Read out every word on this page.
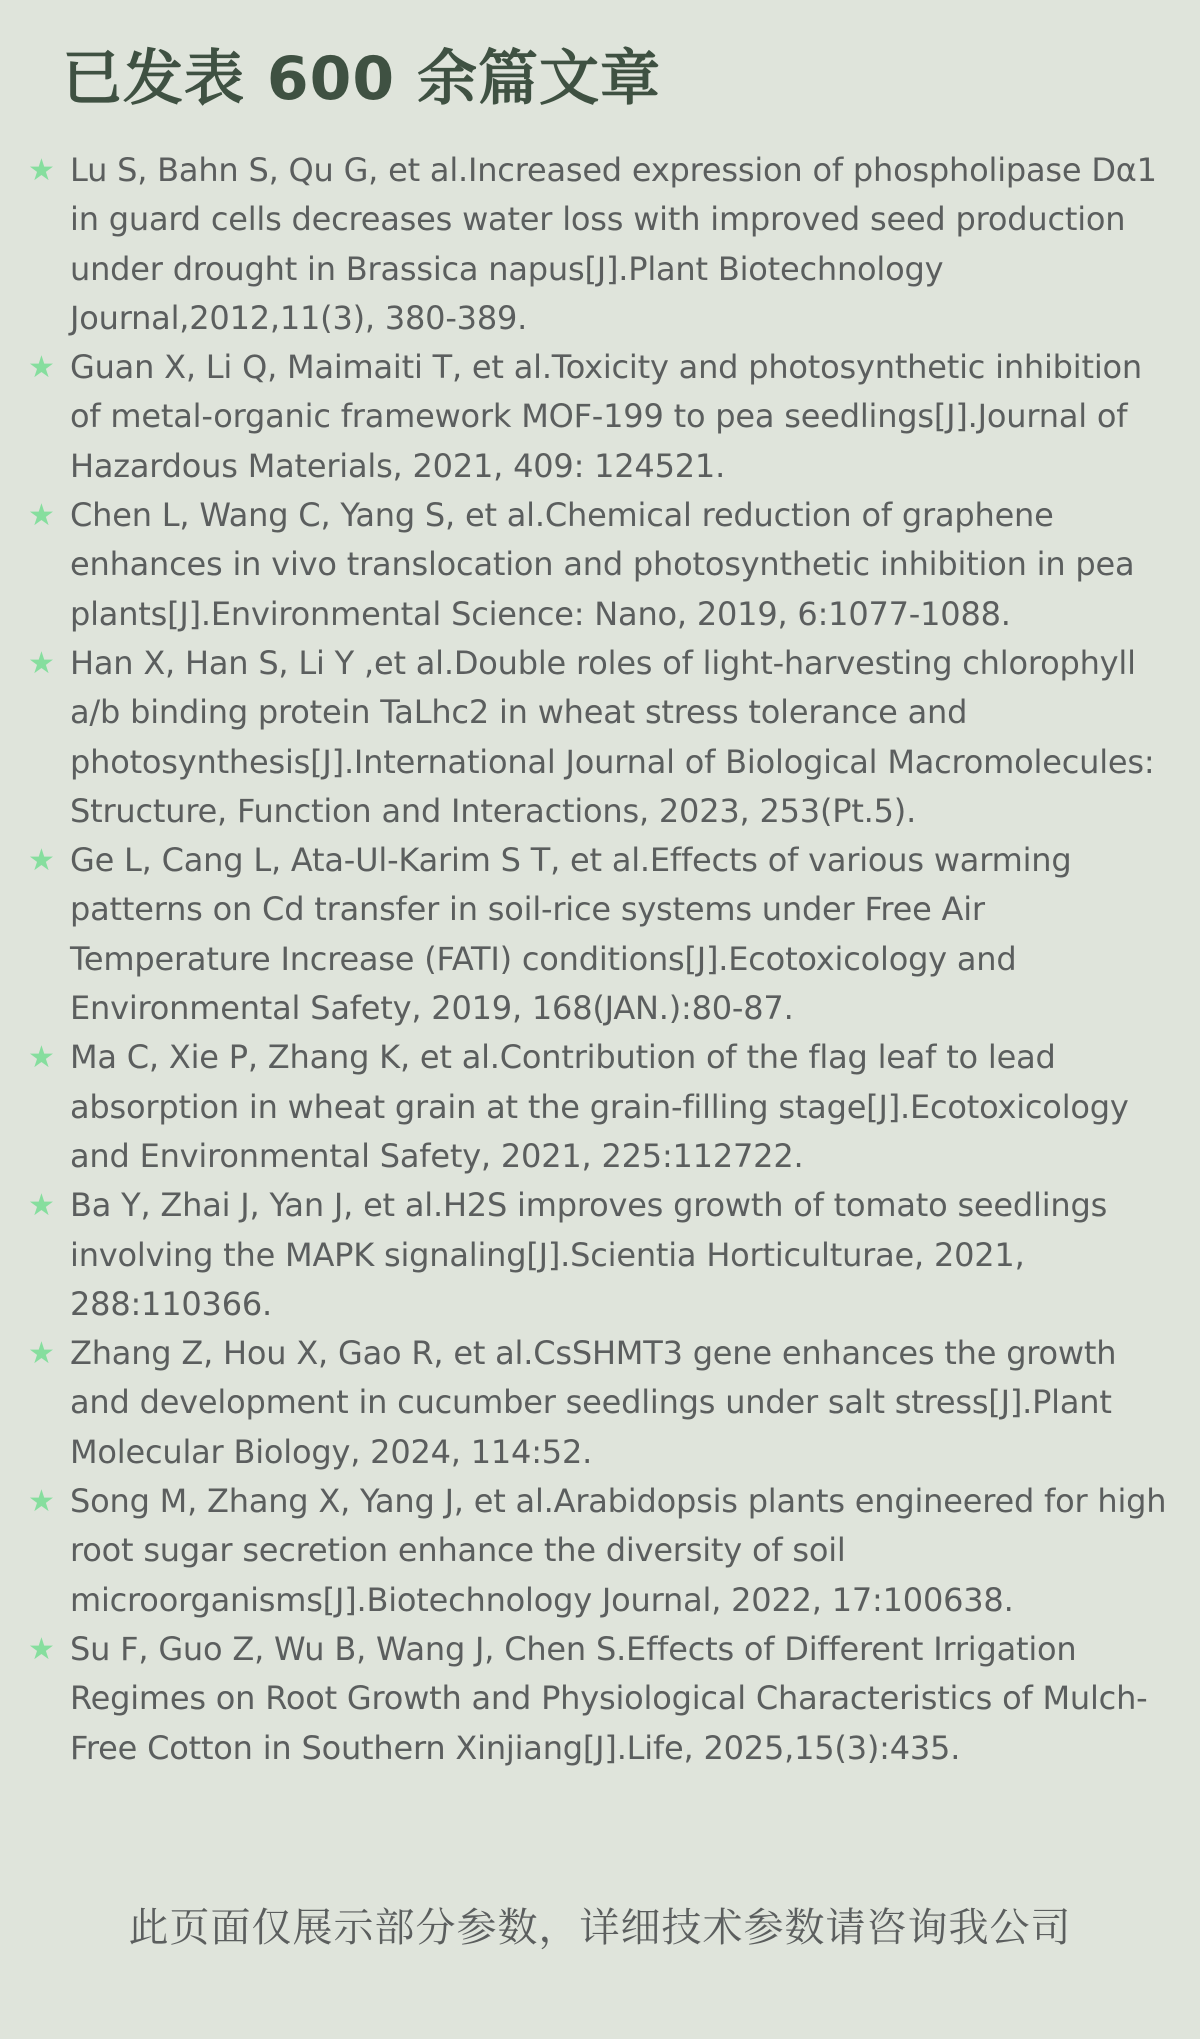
已发表 600 余篇文章
★ Lu S, Bahn S, Qu G, et al.Increased expression of phospholipase Dα1 in guard cells decreases water loss with improved seed production under drought in Brassica napus[J].Plant Biotechnology Journal,2012,11(3), 380-389.
★ Guan X, Li Q, Maimaiti T, et al.Toxicity and photosynthetic inhibition of metal-organic framework MOF-199 to pea seedlings[J].Journal of Hazardous Materials, 2021, 409: 124521.
★ Chen L, Wang C, Yang S, et al.Chemical reduction of graphene enhances in vivo translocation and photosynthetic inhibition in pea plants[J].Environmental Science: Nano, 2019, 6:1077-1088.
★ Han X, Han S, Li Y ,et al.Double roles of light-harvesting chlorophyll a/b binding protein TaLhc2 in wheat stress tolerance and photosynthesis[J].International Journal of Biological Macromolecules: Structure, Function and Interactions, 2023, 253(Pt.5).
★ Ge L, Cang L, Ata-Ul-Karim S T, et al.Effects of various warming patterns on Cd transfer in soil-rice systems under Free Air Temperature Increase (FATI) conditions[J].Ecotoxicology and Environmental Safety, 2019, 168(JAN.):80-87.
★ Ma C, Xie P, Zhang K, et al.Contribution of the flag leaf to lead absorption in wheat grain at the grain-filling stage[J].Ecotoxicology and Environmental Safety, 2021, 225:112722.
★ Ba Y, Zhai J, Yan J, et al.H2S improves growth of tomato seedlings involving the MAPK signaling[J].Scientia Horticulturae, 2021, 288:110366.
★ Zhang Z, Hou X, Gao R, et al.CsSHMT3 gene enhances the growth and development in cucumber seedlings under salt stress[J].Plant Molecular Biology, 2024, 114:52.
★ Song M, Zhang X, Yang J, et al.Arabidopsis plants engineered for high root sugar secretion enhance the diversity of soil microorganisms[J].Biotechnology Journal, 2022, 17:100638.
★ Su F, Guo Z, Wu B, Wang J, Chen S.Effects of Different Irrigation Regimes on Root Growth and Physiological Characteristics of Mulch-Free Cotton in Southern Xinjiang[J].Life, 2025,15(3):435.
此页面仅展示部分参数，详细技术参数请咨询我公司
